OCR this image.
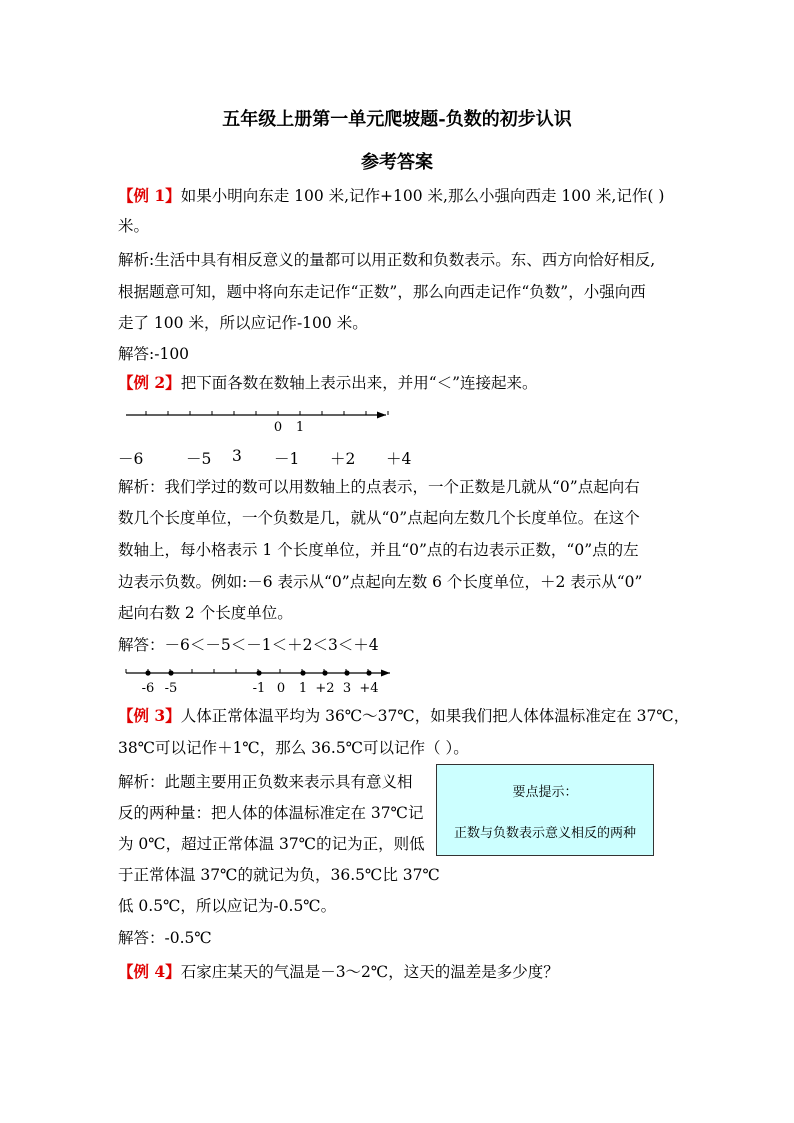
五年级上册第一单元爬坡题-负数的初步认识
参考答案
【例 1】如果小明向东走 100 米,记作+100 米,那么小强向西走 100 米,记作( )
米。
解析:生活中具有相反意义的量都可以用正数和负数表示。东、西方向恰好相反,
根据题意可知，题中将向东走记作“正数”，那么向西走记作“负数”，小强向西
走了 100 米，所以应记作-100 米。
解答:-100
【例 2】把下面各数在数轴上表示出来，并用“＜”连接起来。
0 1
－6	－5 3 －1 ＋2 ＋4
解析：我们学过的数可以用数轴上的点表示，一个正数是几就从“0”点起向右
数几个长度单位，一个负数是几，就从“0”点起向左数几个长度单位。在这个
数轴上，每小格表示 1 个长度单位，并且“0”点的右边表示正数，“0”点的左
边表示负数。例如:－6 表示从“0”点起向左数 6 个长度单位，＋2 表示从“0”
起向右数 2 个长度单位。
解答：－6＜－5＜－1＜＋2＜3＜＋4
-6 -5	-1 0 1 +2 3 +4
【例 3】人体正常体温平均为 36℃～37℃，如果我们把人体体温标准定在 37℃，
38℃可以记作＋1℃，那么 36.5℃可以记作（ ）。
解析：此题主要用正负数来表示具有意义相
反的两种量：把人体的体温标准定在 37℃记
为 0℃，超过正常体温 37℃的记为正，则低
于正常体温 37℃的就记为负，36.5℃比 37℃
低 0.5℃，所以应记为-0.5℃。
解答：-0.5℃
要点提示：
正数与负数表示意义相反的两种
【例 4】石家庄某天的气温是－3～2℃，这天的温差是多少度？
